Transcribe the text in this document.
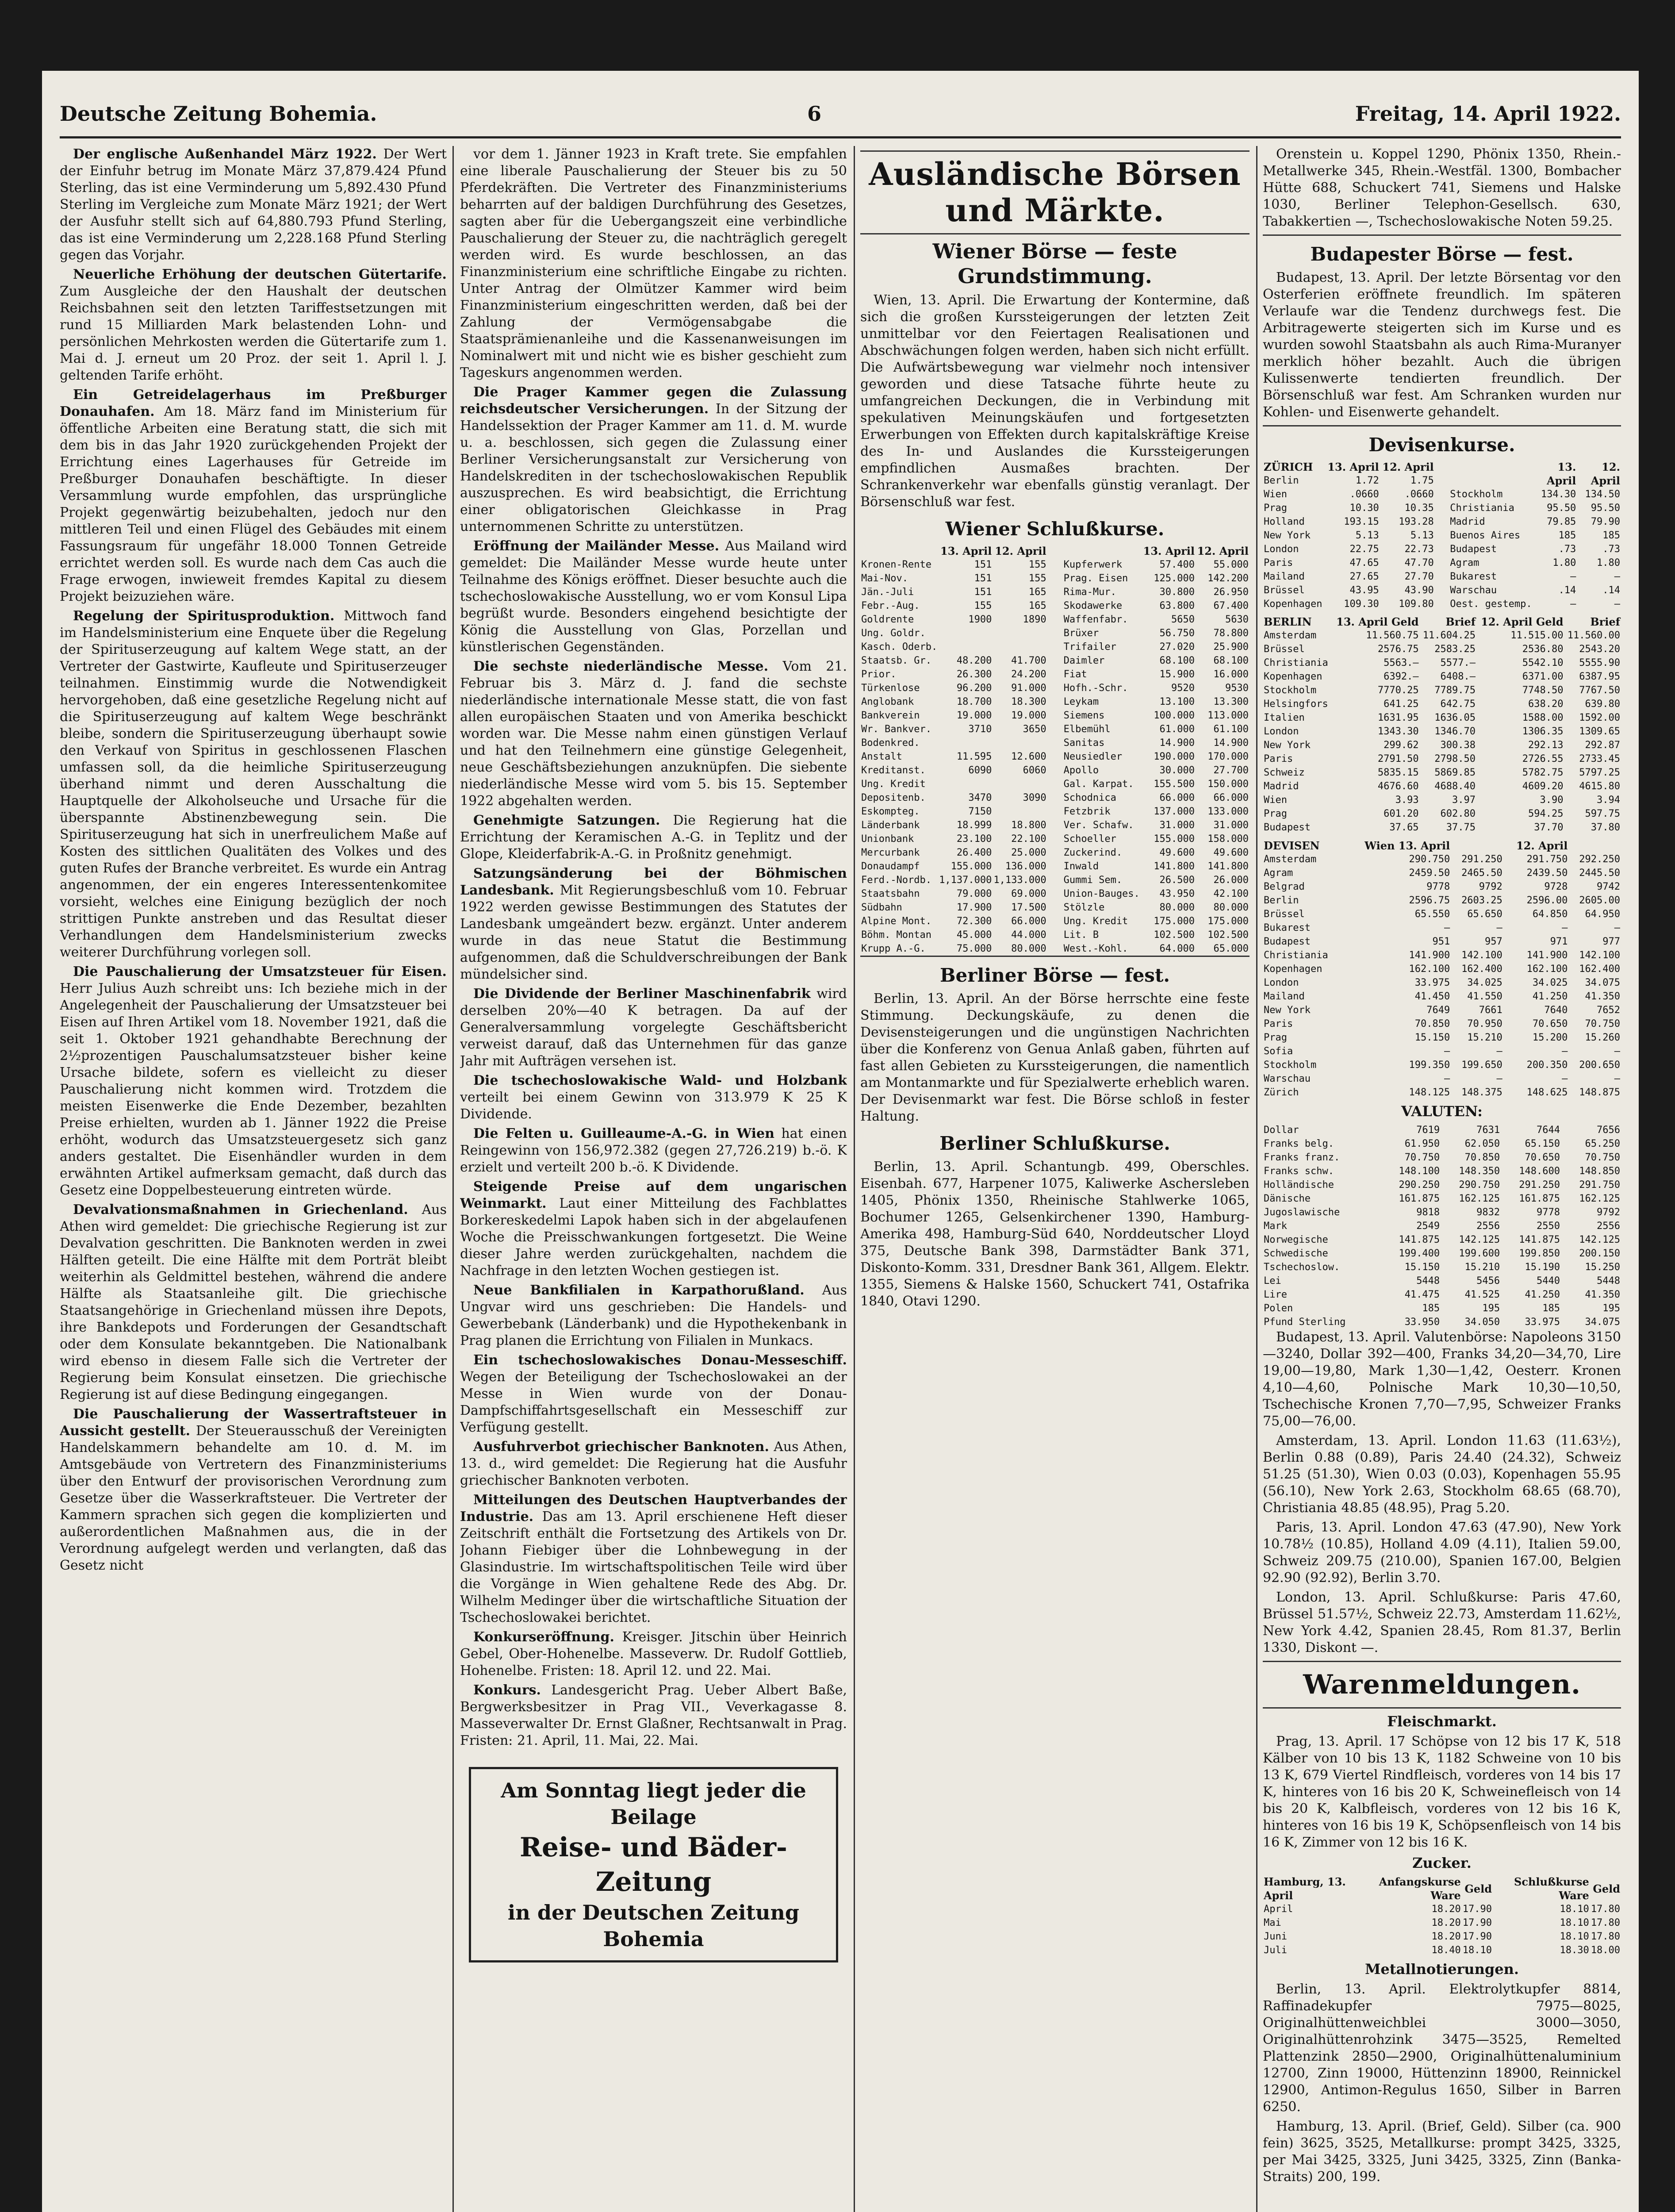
Deutsche Zeitung Bohemia.	6	Freitag, 14. April 1922.

Der englische Außenhandel März 1922. Der Wert der Einfuhr betrug im Monate März 37,879.424 Pfund Sterling, das ist eine Verminderung um 5,892.430 Pfund Sterling im Vergleiche zum Monate März 1921; der Wert der Ausfuhr stellt sich auf 64,880.793 Pfund Sterling, das ist eine Verminderung um 2,228.168 Pfund Sterling gegen das Vorjahr.

Neuerliche Erhöhung der deutschen Gütertarife. Zum Ausgleiche der den Haushalt der deutschen Reichsbahnen seit den letzten Tariffestsetzungen mit rund 15 Milliarden Mark belastenden Lohn- und persönlichen Mehrkosten werden die Gütertarife zum 1. Mai d. J. erneut um 20 Proz. der seit 1. April l. J. geltenden Tarife erhöht.

Ein Getreidelagerhaus im Preßburger Donauhafen. Am 18. März fand im Ministerium für öffentliche Arbeiten eine Beratung statt, die sich mit dem bis in das Jahr 1920 zurückgehenden Projekt der Errichtung eines Lagerhauses für Getreide im Preßburger Donauhafen beschäftigte. In dieser Versammlung wurde empfohlen, das ursprüngliche Projekt gegenwärtig beizubehalten, jedoch nur den mittleren Teil und einen Flügel des Gebäudes mit einem Fassungsraum für ungefähr 18.000 Tonnen Getreide errichtet werden soll. Es wurde nach dem Cas auch die Frage erwogen, inwieweit fremdes Kapital zu diesem Projekt beizuziehen wäre.

Regelung der Spiritusproduktion. Mittwoch fand im Handelsministerium eine Enquete über die Regelung der Spirituserzeugung auf kaltem Wege statt, an der Vertreter der Gastwirte, Kaufleute und Spirituserzeuger teilnahmen. Einstimmig wurde die Notwendigkeit hervorgehoben, daß eine gesetzliche Regelung nicht auf die Spirituserzeugung auf kaltem Wege beschränkt bleibe, sondern die Spirituserzeugung überhaupt sowie den Verkauf von Spiritus in geschlossenen Flaschen umfassen soll, da die heimliche Spirituserzeugung überhand nimmt und deren Ausschaltung die Hauptquelle der Alkoholseuche und Ursache für die überspannte Abstinenzbewegung sein. Die Spirituserzeugung hat sich in unerfreulichem Maße auf Kosten des sittlichen Qualitäten des Volkes und des guten Rufes der Branche verbreitet. Es wurde ein Antrag angenommen, der ein engeres Interessentenkomitee vorsieht, welches eine Einigung bezüglich der noch strittigen Punkte anstreben und das Resultat dieser Verhandlungen dem Handelsministerium zwecks weiterer Durchführung vorlegen soll.

Die Pauschalierung der Umsatzsteuer für Eisen. Herr Julius Auzh schreibt uns: Ich beziehe mich in der Angelegenheit der Pauschalierung der Umsatzsteuer bei Eisen auf Ihren Artikel vom 18. November 1921, daß die seit 1. Oktober 1921 gehandhabte Berechnung der 2½prozentigen Pauschalumsatzsteuer bisher keine Ursache bildete, sofern es vielleicht zu dieser Pauschalierung nicht kommen wird. Trotzdem die meisten Eisenwerke die Ende Dezember, bezahlten Preise erhielten, wurden ab 1. Jänner 1922 die Preise erhöht, wodurch das Umsatzsteuergesetz sich ganz anders gestaltet. Die Eisenhändler wurden in dem erwähnten Artikel aufmerksam gemacht, daß durch das Gesetz eine Doppelbesteuerung eintreten würde.

Devalvationsmaßnahmen in Griechenland. Aus Athen wird gemeldet: Die griechische Regierung ist zur Devalvation geschritten. Die Banknoten werden in zwei Hälften geteilt. Die eine Hälfte mit dem Porträt bleibt weiterhin als Geldmittel bestehen, während die andere Hälfte als Staatsanleihe gilt. Die griechische Staatsangehörige in Griechenland müssen ihre Depots, ihre Bankdepots und Forderungen der Gesandtschaft oder dem Konsulate bekanntgeben. Die Nationalbank wird ebenso in diesem Falle sich die Vertreter der Regierung beim Konsulat einsetzen. Die griechische Regierung ist auf diese Bedingung eingegangen.

Die Pauschalierung der Wassertraftsteuer in Aussicht gestellt. Der Steuerausschuß der Vereinigten Handelskammern behandelte am 10. d. M. im Amtsgebäude von Vertretern des Finanzministeriums über den Entwurf der provisorischen Verordnung zum Gesetze über die Wasserkraftsteuer. Die Vertreter der Kammern sprachen sich gegen die komplizierten und außerordentlichen Maßnahmen aus, die in der Verordnung aufgelegt werden und verlangten, daß das Gesetz nicht

vor dem 1. Jänner 1923 in Kraft trete. Sie empfahlen eine liberale Pauschalierung der Steuer bis zu 50 Pferdekräften. Die Vertreter des Finanzministeriums beharrten auf der baldigen Durchführung des Gesetzes, sagten aber für die Uebergangszeit eine verbindliche Pauschalierung der Steuer zu, die nachträglich geregelt werden wird. Es wurde beschlossen, an das Finanzministerium eine schriftliche Eingabe zu richten. Unter Antrag der Olmützer Kammer wird beim Finanzministerium eingeschritten werden, daß bei der Zahlung der Vermögensabgabe die Staatsprämienanleihe und die Kassenanweisungen im Nominalwert mit und nicht wie es bisher geschieht zum Tageskurs angenommen werden.

Die Prager Kammer gegen die Zulassung reichsdeutscher Versicherungen. In der Sitzung der Handelssektion der Prager Kammer am 11. d. M. wurde u. a. beschlossen, sich gegen die Zulassung einer Berliner Versicherungsanstalt zur Versicherung von Handelskrediten in der tschechoslowakischen Republik auszusprechen. Es wird beabsichtigt, die Errichtung einer obligatorischen Gleichkasse in Prag unternommenen Schritte zu unterstützen.

Eröffnung der Mailänder Messe. Aus Mailand wird gemeldet: Die Mailänder Messe wurde heute unter Teilnahme des Königs eröffnet. Dieser besuchte auch die tschechoslowakische Ausstellung, wo er vom Konsul Lipa begrüßt wurde. Besonders eingehend besichtigte der König die Ausstellung von Glas, Porzellan und künstlerischen Gegenständen.

Die sechste niederländische Messe. Vom 21. Februar bis 3. März d. J. fand die sechste niederländische internationale Messe statt, die von fast allen europäischen Staaten und von Amerika beschickt worden war. Die Messe nahm einen günstigen Verlauf und hat den Teilnehmern eine günstige Gelegenheit, neue Geschäftsbeziehungen anzuknüpfen. Die siebente niederländische Messe wird vom 5. bis 15. September 1922 abgehalten werden.

Genehmigte Satzungen. Die Regierung hat die Errichtung der Keramischen A.-G. in Teplitz und der Glope, Kleiderfabrik-A.-G. in Proßnitz genehmigt.

Satzungsänderung bei der Böhmischen Landesbank. Mit Regierungsbeschluß vom 10. Februar 1922 werden gewisse Bestimmungen des Statutes der Landesbank umgeändert bezw. ergänzt. Unter anderem wurde in das neue Statut die Bestimmung aufgenommen, daß die Schuldverschreibungen der Bank mündelsicher sind.

Die Dividende der Berliner Maschinenfabrik wird derselben 20%—40 K betragen. Da auf der Generalversammlung vorgelegte Geschäftsbericht verweist darauf, daß das Unternehmen für das ganze Jahr mit Aufträgen versehen ist.

Die tschechoslowakische Wald- und Holzbank verteilt bei einem Gewinn von 313.979 K 25 K Dividende.

Die Felten u. Guilleaume-A.-G. in Wien hat einen Reingewinn von 156,972.382 (gegen 27,726.219) b.-ö. K erzielt und verteilt 200 b.-ö. K Dividende.

Steigende Preise auf dem ungarischen Weinmarkt. Laut einer Mitteilung des Fachblattes Borkereskedelmi Lapok haben sich in der abgelaufenen Woche die Preisschwankungen fortgesetzt. Die Weine dieser Jahre werden zurückgehalten, nachdem die Nachfrage in den letzten Wochen gestiegen ist.

Neue Bankfilialen in Karpathorußland. Aus Ungvar wird uns geschrieben: Die Handels- und Gewerbebank (Länderbank) und die Hypothekenbank in Prag planen die Errichtung von Filialen in Munkacs.

Ein tschechoslowakisches Donau-Messeschiff. Wegen der Beteiligung der Tschechoslowakei an der Messe in Wien wurde von der Donau-Dampfschiffahrtsgesellschaft ein Messeschiff zur Verfügung gestellt.

Ausfuhrverbot griechischer Banknoten. Aus Athen, 13. d., wird gemeldet: Die Regierung hat die Ausfuhr griechischer Banknoten verboten.

Mitteilungen des Deutschen Hauptverbandes der Industrie. Das am 13. April erschienene Heft dieser Zeitschrift enthält die Fortsetzung des Artikels von Dr. Johann Fiebiger über die Lohnbewegung in der Glasindustrie. Im wirtschaftspolitischen Teile wird über die Vorgänge in Wien gehaltene Rede des Abg. Dr. Wilhelm Medinger über die wirtschaftliche Situation der Tschechoslowakei berichtet.

Konkurseröffnung. Kreisger. Jitschin über Heinrich Gebel, Ober-Hohenelbe. Masseverw. Dr. Rudolf Gottlieb, Hohenelbe. Fristen: 18. April 12. und 22. Mai.

Konkurs. Landesgericht Prag. Ueber Albert Baße, Bergwerksbesitzer in Prag VII., Veverkagasse 8. Masseverwalter Dr. Ernst Glaßner, Rechtsanwalt in Prag. Fristen: 21. April, 11. Mai, 22. Mai.

Am Sonntag liegt jeder die Beilage
Reise- und Bäder-Zeitung
in der Deutschen Zeitung Bohemia
Ausländische Börsen und Märkte.
Wiener Börse — feste Grundstimmung.

Wien, 13. April. Die Erwartung der Kontermine, daß sich die großen Kurssteigerungen der letzten Zeit unmittelbar vor den Feiertagen Realisationen und Abschwächungen folgen werden, haben sich nicht erfüllt. Die Aufwärtsbewegung war vielmehr noch intensiver geworden und diese Tatsache führte heute zu umfangreichen Deckungen, die in Verbindung mit spekulativen Meinungskäufen und fortgesetzten Erwerbungen von Effekten durch kapitalskräftige Kreise des In- und Auslandes die Kurssteigerungen empfindlichen Ausmaßes brachten. Der Schrankenverkehr war ebenfalls günstig veranlagt. Der Börsenschluß war fest.

Wiener Schlußkurse.
	13. April	12. April
Kronen-Rente	151	155
Mai-Nov.	151	155
Jän.-Juli	151	165
Febr.-Aug.	155	165
Goldrente	1900	1890
Ung. Goldr.		
Kasch. Oderb.		
Staatsb. Gr.	48.200	41.700
Prior.	26.300	24.200
Türkenlose	96.200	91.000
Anglobank	18.700	18.300
Bankverein	19.000	19.000
Wr. Bankver.	3710	3650
Bodenkred.		
Anstalt	11.595	12.600
Kreditanst.	6090	6060
Ung. Kredit		
Depositenb.	3470	3090
Eskompteg.	7150	
Länderbank	18.999	18.800
Unionbank	23.100	22.100
Mercurbank	26.400	25.000
Donaudampf	155.000	136.000
Ferd.-Nordb.	1,137.000	1,133.000
Staatsbahn	79.000	69.000
Südbahn	17.900	17.500
Alpine Mont.	72.300	66.000
Böhm. Montan	45.000	44.000
Krupp A.-G.	75.000	80.000
	13. April	12. April
Kupferwerk	57.400	55.000
Prag. Eisen	125.000	142.200
Rima-Mur.	30.800	26.950
Skodawerke	63.800	67.400
Waffenfabr.	5650	5630
Brüxer	56.750	78.800
Trifailer	27.020	25.900
Daimler	68.100	68.100
Fiat	15.900	16.000
Hofh.-Schr.	9520	9530
Leykam	13.100	13.300
Siemens	100.000	113.000
Elbemühl	61.000	61.100
Sanitas	14.900	14.900
Neusiedler	190.000	170.000
Apollo	30.000	27.700
Gal. Karpat.	155.500	150.000
Schodnica	66.000	66.000
Fetzbrik	137.000	133.000
Ver. Schafw.	31.000	31.000
Schoeller	155.000	158.000
Zuckerind.	49.600	49.600
Inwald	141.800	141.800
Gummi Sem.	26.500	26.000
Union-Bauges.	43.950	42.100
Stölzle	80.000	80.000
Ung. Kredit	175.000	175.000
Lit. B	102.500	102.500
West.-Kohl.	64.000	65.000
Berliner Börse — fest.

Berlin, 13. April. An der Börse herrschte eine feste Stimmung. Deckungskäufe, zu denen die Devisensteigerungen und die ungünstigen Nachrichten über die Konferenz von Genua Anlaß gaben, führten auf fast allen Gebieten zu Kurssteigerungen, die namentlich am Montanmarkte und für Spezialwerte erheblich waren. Der Devisenmarkt war fest. Die Börse schloß in fester Haltung.

Berliner Schlußkurse.

Berlin, 13. April. Schantungb. 499, Oberschles. Eisenbah. 677, Harpener 1075, Kaliwerke Aschersleben 1405, Phönix 1350, Rheinische Stahlwerke 1065, Bochumer 1265, Gelsenkirchener 1390, Hamburg-Amerika 498, Hamburg-Süd 640, Norddeutscher Lloyd 375, Deutsche Bank 398, Darmstädter Bank 371, Diskonto-Komm. 331, Dresdner Bank 361, Allgem. Elektr. 1355, Siemens & Halske 1560, Schuckert 741, Ostafrika 1840, Otavi 1290.

Orenstein u. Koppel 1290, Phönix 1350, Rhein.-Metallwerke 345, Rhein.-Westfäl. 1300, Bombacher Hütte 688, Schuckert 741, Siemens und Halske 1030, Berliner Telephon-Gesellsch. 630, Tabakkertien —, Tschechoslowakische Noten 59.25.

Budapester Börse — fest.

Budapest, 13. April. Der letzte Börsentag vor den Osterferien eröffnete freundlich. Im späteren Verlaufe war die Tendenz durchwegs fest. Die Arbitragewerte steigerten sich im Kurse und es wurden sowohl Staatsbahn als auch Rima-Muranyer merklich höher bezahlt. Auch die übrigen Kulissenwerte tendierten freundlich. Der Börsenschluß war fest. Am Schranken wurden nur Kohlen- und Eisenwerte gehandelt.

Devisenkurse.
ZÜRICH	13. April	12. April
Berlin	1.72	1.75
Wien	.0660	.0660
Prag	10.30	10.35
Holland	193.15	193.28
New York	5.13	5.13
London	22.75	22.73
Paris	47.65	47.70
Mailand	27.65	27.70
Brüssel	43.95	43.90
Kopenhagen	109.30	109.80
	13. April	12. April
Stockholm	134.30	134.50
Christiania	95.50	95.50
Madrid	79.85	79.90
Buenos Aires	185	185
Budapest	.73	.73
Agram	1.80	1.80
Bukarest	—	—
Warschau	.14	.14
Oest. gestemp.	—	—
BERLIN	13. April Geld	Brief	12. April Geld	Brief
Amsterdam	11.560.75	11.604.25	11.515.00	11.560.00
Brüssel	2576.75	2583.25	2536.80	2543.20
Christiania	5563.—	5577.—	5542.10	5555.90
Kopenhagen	6392.—	6408.—	6371.00	6387.95
Stockholm	7770.25	7789.75	7748.50	7767.50
Helsingfors	641.25	642.75	638.20	639.80
Italien	1631.95	1636.05	1588.00	1592.00
London	1343.30	1346.70	1306.35	1309.65
New York	299.62	300.38	292.13	292.87
Paris	2791.50	2798.50	2726.55	2733.45
Schweiz	5835.15	5869.85	5782.75	5797.25
Madrid	4676.60	4688.40	4609.20	4615.80
Wien	3.93	3.97	3.90	3.94
Prag	601.20	602.80	594.25	597.75
Budapest	37.65	37.75	37.70	37.80
DEVISEN	Wien 13. April		12. April	
Amsterdam	290.750	291.250	291.750	292.250
Agram	2459.50	2465.50	2439.50	2445.50
Belgrad	9778	9792	9728	9742
Berlin	2596.75	2603.25	2596.00	2605.00
Brüssel	65.550	65.650	64.850	64.950
Bukarest	—	—	—	—
Budapest	951	957	971	977
Christiania	141.900	142.100	141.900	142.100
Kopenhagen	162.100	162.400	162.100	162.400
London	33.975	34.025	34.025	34.075
Mailand	41.450	41.550	41.250	41.350
New York	7649	7661	7640	7652
Paris	70.850	70.950	70.650	70.750
Prag	15.150	15.210	15.200	15.260
Sofia	—	—	—	—
Stockholm	199.350	199.650	200.350	200.650
Warschau	—	—	—	—
Zürich	148.125	148.375	148.625	148.875
VALUTEN:
Dollar	7619	7631	7644	7656
Franks belg.	61.950	62.050	65.150	65.250
Franks franz.	70.750	70.850	70.650	70.750
Franks schw.	148.100	148.350	148.600	148.850
Holländische	290.250	290.750	291.250	291.750
Dänische	161.875	162.125	161.875	162.125
Jugoslawische	9818	9832	9778	9792
Mark	2549	2556	2550	2556
Norwegische	141.875	142.125	141.875	142.125
Schwedische	199.400	199.600	199.850	200.150
Tschechoslow.	15.150	15.210	15.190	15.250
Lei	5448	5456	5440	5448
Lire	41.475	41.525	41.250	41.350
Polen	185	195	185	195
Pfund Sterling	33.950	34.050	33.975	34.075

Budapest, 13. April. Valutenbörse: Napoleons 3150—3240, Dollar 392—400, Franks 34,20—34,70, Lire 19,00—19,80, Mark 1,30—1,42, Oesterr. Kronen 4,10—4,60, Polnische Mark 10,30—10,50, Tschechische Kronen 7,70—7,95, Schweizer Franks 75,00—76,00.

Amsterdam, 13. April. London 11.63 (11.63½), Berlin 0.88 (0.89), Paris 24.40 (24.32), Schweiz 51.25 (51.30), Wien 0.03 (0.03), Kopenhagen 55.95 (56.10), New York 2.63, Stockholm 68.65 (68.70), Christiania 48.85 (48.95), Prag 5.20.

Paris, 13. April. London 47.63 (47.90), New York 10.78½ (10.85), Holland 4.09 (4.11), Italien 59.00, Schweiz 209.75 (210.00), Spanien 167.00, Belgien 92.90 (92.92), Berlin 3.70.

London, 13. April. Schlußkurse: Paris 47.60, Brüssel 51.57½, Schweiz 22.73, Amsterdam 11.62½, New York 4.42, Spanien 28.45, Rom 81.37, Berlin 1330, Diskont —.

Warenmeldungen.
Fleischmarkt.

Prag, 13. April. 17 Schöpse von 12 bis 17 K, 518 Kälber von 10 bis 13 K, 1182 Schweine von 10 bis 13 K, 679 Viertel Rindfleisch, vorderes von 14 bis 17 K, hinteres von 16 bis 20 K, Schweinefleisch von 14 bis 20 K, Kalbfleisch, vorderes von 12 bis 16 K, hinteres von 16 bis 19 K, Schöpsenfleisch von 14 bis 16 K, Zimmer von 12 bis 16 K.

Zucker.
Hamburg, 13. April	Anfangskurse Ware	Geld	Schlußkurse Ware	Geld
April	18.20	17.90	18.10	17.80
Mai	18.20	17.90	18.10	17.80
Juni	18.20	17.90	18.10	17.80
Juli	18.40	18.10	18.30	18.00
Metallnotierungen.

Berlin, 13. April. Elektrolytkupfer 8814, Raffinadekupfer 7975—8025, Originalhüttenweichblei 3000—3050, Originalhüttenrohzink 3475—3525, Remelted Plattenzink 2850—2900, Originalhüttenaluminium 12700, Zinn 19000, Hüttenzinn 18900, Reinnickel 12900, Antimon-Regulus 1650, Silber in Barren 6250.

Hamburg, 13. April. (Brief, Geld). Silber (ca. 900 fein) 3625, 3525, Metallkurse: prompt 3425, 3325, per Mai 3425, 3325, Juni 3425, 3325, Zinn (Banka-Straits) 200, 199.
